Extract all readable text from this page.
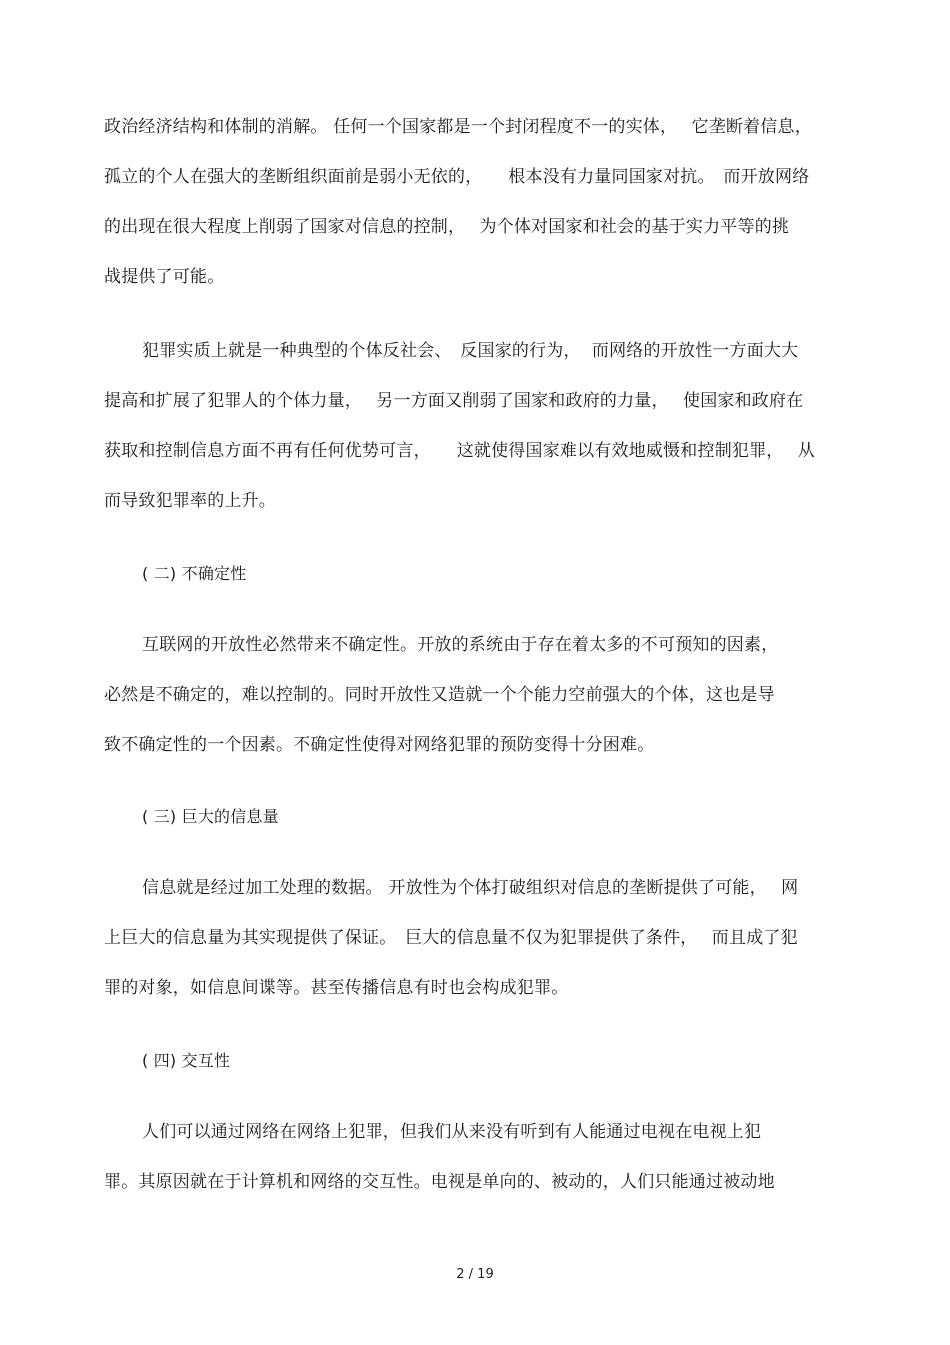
政治经济结构和体制的消解。 任何一个国家都是一个封闭程度不一的实体，　 它垄断着信息，
孤立的个人在强大的垄断组织面前是弱小无依的，　　根本没有力量同国家对抗。　而开放网络
的出现在很大程度上削弱了国家对信息的控制，　 为个体对国家和社会的基于实力平等的挑
战提供了可能。
犯罪实质上就是一种典型的个体反社会、　反国家的行为，  而网络的开放性一方面大大
提高和扩展了犯罪人的个体力量，　 另一方面又削弱了国家和政府的力量，　 使国家和政府在
获取和控制信息方面不再有任何优势可言，　　这就使得国家难以有效地威慑和控制犯罪，　 从
而导致犯罪率的上升。
( 二) 不确定性
互联网的开放性必然带来不确定性。开放的系统由于存在着太多的不可预知的因素，
必然是不确定的，难以控制的。同时开放性又造就一个个能力空前强大的个体，这也是导
致不确定性的一个因素。不确定性使得对网络犯罪的预防变得十分困难。
( 三) 巨大的信息量
信息就是经过加工处理的数据。 开放性为个体打破组织对信息的垄断提供了可能，　 网
上巨大的信息量为其实现提供了保证。　巨大的信息量不仅为犯罪提供了条件，　 而且成了犯
罪的对象，如信息间谍等。甚至传播信息有时也会构成犯罪。
( 四) 交互性
人们可以通过网络在网络上犯罪，但我们从来没有听到有人能通过电视在电视上犯
罪。其原因就在于计算机和网络的交互性。电视是单向的、被动的，人们只能通过被动地
2 / 19
